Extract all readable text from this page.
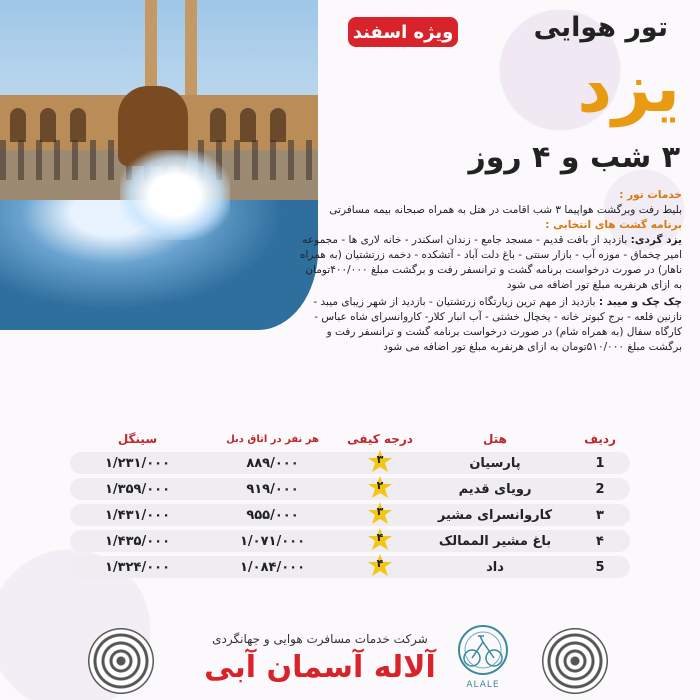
ویژه اسفند	تور هوایی
یزد
۳ شب و ۴ روز
خدمات تور :
بلیط رفت وبرگشت هواپیما ۳ شب اقامت در هتل به همراه صبحانه بیمه مسافرتی
برنامه گشت های انتخابی :
یزد گردی: بازدید از بافت قدیم - مسجد جامع - زندان اسکندر - خانه لاری ها - مجموعه امیر چخماق - موزه آب - بازار سنتی - باغ دلت آباد - آتشکده - دخمه زرتشتیان (به همراه ناهار) در صورت درخواست برنامه گشت و ترانسفر رفت و برگشت مبلغ ۴۰۰/۰۰۰تومان به ازای هرنفربه مبلغ تور اضافه می شود
چک چک و میبد : بازدید از مهم ترین زیارتگاه زرتشتیان - بازدید از شهر زیبای میبد - نازنین قلعه - برج کبوتر خانه - یخچال خشتی - آب انبار کلار- کاروانسرای شاه عباس - کارگاه سفال (به همراه شام) در صورت درخواست برنامه گشت و ترانسفر رفت و برگشت مبلغ ۵۱۰/۰۰۰تومان به ازای هرنفربه مبلغ تور اضافه می شود
ردیف
هتل
درجه کیفی
هر نفر در اتاق دبل
سینگل
1
پارسیان
۳
۸۸۹/۰۰۰
۱/۲۳۱/۰۰۰
2
رویای قدیم
۲
۹۱۹/۰۰۰
۱/۳۵۹/۰۰۰
۳
کاروانسرای مشیر
۳
۹۵۵/۰۰۰
۱/۴۳۱/۰۰۰
۴
باغ مشیر الممالک
۴
۱/۰۷۱/۰۰۰
۱/۴۳۵/۰۰۰
5
داد
۴
۱/۰۸۴/۰۰۰
۱/۳۲۴/۰۰۰
شرکت خدمات مسافرت هوایی و جهانگردی
آلاله آسمان آبی	ALALE
